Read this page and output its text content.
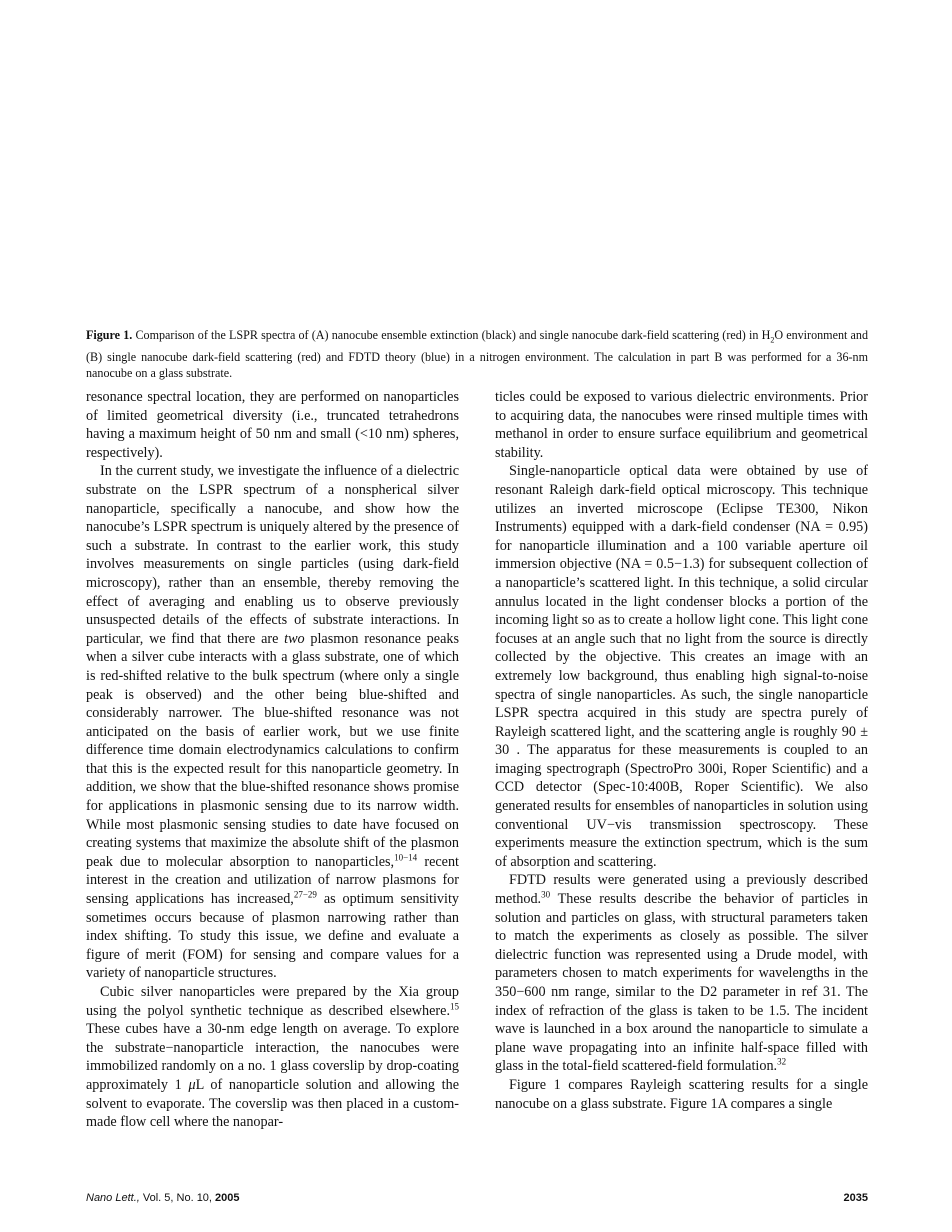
Figure 1. Comparison of the LSPR spectra of (A) nanocube ensemble extinction (black) and single nanocube dark-field scattering (red) in $H_2O$ environment and (B) single nanocube dark-field scattering (red) and FDTD theory (blue) in a nitrogen environment. The calculation in part B was performed for a 36-nm nanocube on a glass substrate.

resonance spectral location, they are performed on nanoparticles of limited geometrical diversity (i.e., truncated tetrahedrons having a maximum height of 50 nm and small (<10 nm) spheres, respectively).

In the current study, we investigate the influence of a dielectric substrate on the LSPR spectrum of a nonspherical silver nanoparticle, specifically a nanocube, and show how the nanocube’s LSPR spectrum is uniquely altered by the presence of such a substrate. In contrast to the earlier work, this study involves measurements on single particles (using dark-field microscopy), rather than an ensemble, thereby removing the effect of averaging and enabling us to observe previously unsuspected details of the effects of substrate interactions. In particular, we find that there are two plasmon resonance peaks when a silver cube interacts with a glass substrate, one of which is red-shifted relative to the bulk spectrum (where only a single peak is observed) and the other being blue-shifted and considerably narrower. The blue-shifted resonance was not anticipated on the basis of earlier work, but we use finite difference time domain electrodynamics calculations to confirm that this is the expected result for this nanoparticle geometry. In addition, we show that the blue-shifted resonance shows promise for applications in plasmonic sensing due to its narrow width. While most plasmonic sensing studies to date have focused on creating systems that maximize the absolute shift of the plasmon peak due to molecular absorption to nanoparticles,$^{10-14}$ recent interest in the creation and utilization of narrow plasmons for sensing applications has increased,$^{27-29}$ as optimum sensitivity sometimes occurs because of plasmon narrowing rather than index shifting. To study this issue, we define and evaluate a figure of merit (FOM) for sensing and compare values for a variety of nanoparticle structures.

Cubic silver nanoparticles were prepared by the Xia group using the polyol synthetic technique as described elsewhere.$^{15}$ These cubes have a 30-nm edge length on average. To explore the substrate−nanoparticle interaction, the nanocubes were immobilized randomly on a no. 1 glass coverslip by drop-coating approximately 1 μL of nanoparticle solution and allowing the solvent to evaporate. The coverslip was then placed in a custom-made flow cell where the nanopar-

ticles could be exposed to various dielectric environments. Prior to acquiring data, the nanocubes were rinsed multiple times with methanol in order to ensure surface equilibrium and geometrical stability.

Single-nanoparticle optical data were obtained by use of resonant Raleigh dark-field optical microscopy. This technique utilizes an inverted microscope (Eclipse TE300, Nikon Instruments) equipped with a dark-field condenser (NA = 0.95) for nanoparticle illumination and a 100 variable aperture oil immersion objective (NA = 0.5−1.3) for subsequent collection of a nanoparticle’s scattered light. In this technique, a solid circular annulus located in the light condenser blocks a portion of the incoming light so as to create a hollow light cone. This light cone focuses at an angle such that no light from the source is directly collected by the objective. This creates an image with an extremely low background, thus enabling high signal-to-noise spectra of single nanoparticles. As such, the single nanoparticle LSPR spectra acquired in this study are spectra purely of Rayleigh scattered light, and the scattering angle is roughly 90 ± 30 . The apparatus for these measurements is coupled to an imaging spectrograph (SpectroPro 300i, Roper Scientific) and a CCD detector (Spec-10:400B, Roper Scientific). We also generated results for ensembles of nanoparticles in solution using conventional UV−vis transmission spectroscopy. These experiments measure the extinction spectrum, which is the sum of absorption and scattering.

FDTD results were generated using a previously described method.$^{30}$ These results describe the behavior of particles in solution and particles on glass, with structural parameters taken to match the experiments as closely as possible. The silver dielectric function was represented using a Drude model, with parameters chosen to match experiments for wavelengths in the 350−600 nm range, similar to the D2 parameter in ref 31. The index of refraction of the glass is taken to be 1.5. The incident wave is launched in a box around the nanoparticle to simulate a plane wave propagating into an infinite half-space filled with glass in the total-field scattered-field formulation.$^{32}$

Figure 1 compares Rayleigh scattering results for a single nanocube on a glass substrate. Figure 1A compares a single

Nano Lett., Vol. 5, No. 10, 2005	2035
